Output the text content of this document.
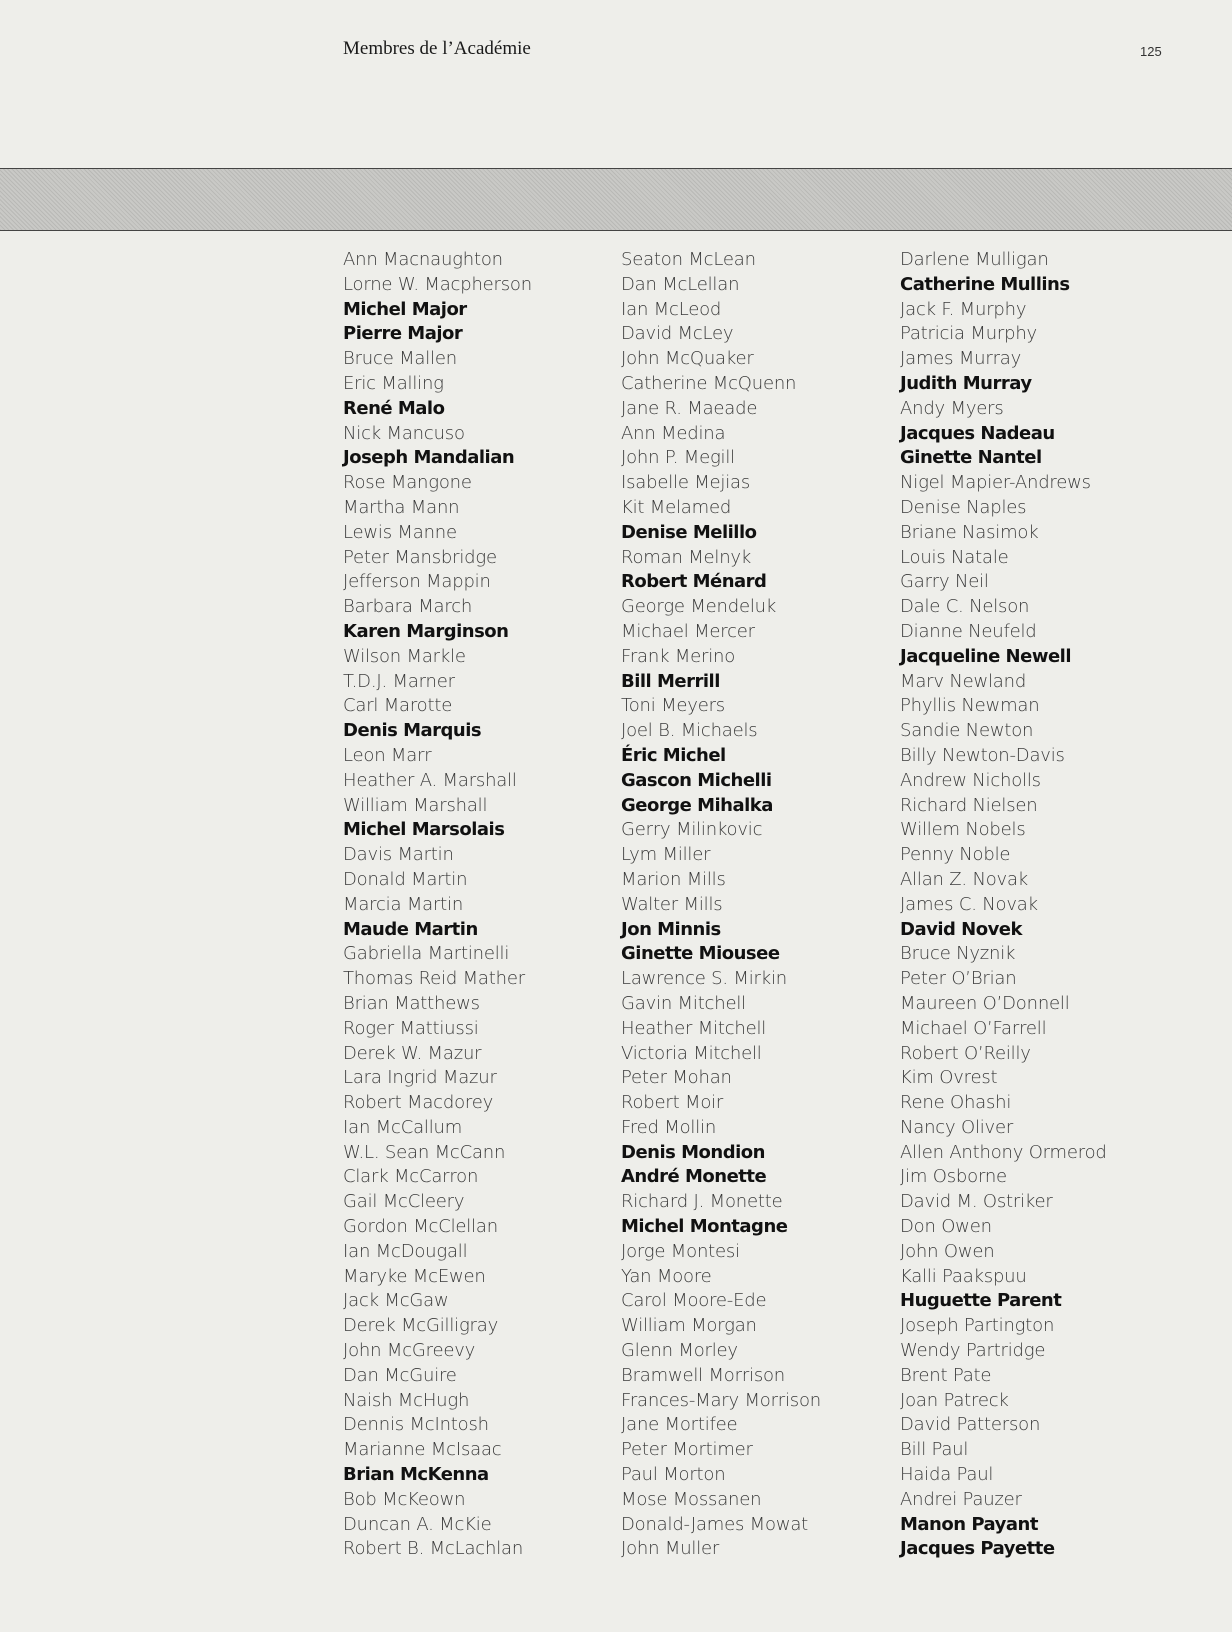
Membres de l’Académie	125
Ann Macnaughton
Lorne W. Macpherson
Michel Major
Pierre Major
Bruce Mallen
Eric Malling
René Malo
Nick Mancuso
Joseph Mandalian
Rose Mangone
Martha Mann
Lewis Manne
Peter Mansbridge
Jefferson Mappin
Barbara March
Karen Marginson
Wilson Markle
T.D.J. Marner
Carl Marotte
Denis Marquis
Leon Marr
Heather A. Marshall
William Marshall
Michel Marsolais
Davis Martin
Donald Martin
Marcia Martin
Maude Martin
Gabriella Martinelli
Thomas Reid Mather
Brian Matthews
Roger Mattiussi
Derek W. Mazur
Lara Ingrid Mazur
Robert Macdorey
Ian McCallum
W.L. Sean McCann
Clark McCarron
Gail McCleery
Gordon McClellan
Ian McDougall
Maryke McEwen
Jack McGaw
Derek McGilligray
John McGreevy
Dan McGuire
Naish McHugh
Dennis McIntosh
Marianne McIsaac
Brian McKenna
Bob McKeown
Duncan A. McKie
Robert B. McLachlan
Seaton McLean
Dan McLellan
Ian McLeod
David McLey
John McQuaker
Catherine McQuenn
Jane R. Maeade
Ann Medina
John P. Megill
Isabelle Mejias
Kit Melamed
Denise Melillo
Roman Melnyk
Robert Ménard
George Mendeluk
Michael Mercer
Frank Merino
Bill Merrill
Toni Meyers
Joel B. Michaels
Éric Michel
Gascon Michelli
George Mihalka
Gerry Milinkovic
Lym Miller
Marion Mills
Walter Mills
Jon Minnis
Ginette Miousee
Lawrence S. Mirkin
Gavin Mitchell
Heather Mitchell
Victoria Mitchell
Peter Mohan
Robert Moir
Fred Mollin
Denis Mondion
André Monette
Richard J. Monette
Michel Montagne
Jorge Montesi
Yan Moore
Carol Moore-Ede
William Morgan
Glenn Morley
Bramwell Morrison
Frances-Mary Morrison
Jane Mortifee
Peter Mortimer
Paul Morton
Mose Mossanen
Donald-James Mowat
John Muller
Darlene Mulligan
Catherine Mullins
Jack F. Murphy
Patricia Murphy
James Murray
Judith Murray
Andy Myers
Jacques Nadeau
Ginette Nantel
Nigel Mapier-Andrews
Denise Naples
Briane Nasimok
Louis Natale
Garry Neil
Dale C. Nelson
Dianne Neufeld
Jacqueline Newell
Marv Newland
Phyllis Newman
Sandie Newton
Billy Newton-Davis
Andrew Nicholls
Richard Nielsen
Willem Nobels
Penny Noble
Allan Z. Novak
James C. Novak
David Novek
Bruce Nyznik
Peter O’Brian
Maureen O’Donnell
Michael O’Farrell
Robert O’Reilly
Kim Ovrest
Rene Ohashi
Nancy Oliver
Allen Anthony Ormerod
Jim Osborne
David M. Ostriker
Don Owen
John Owen
Kalli Paakspuu
Huguette Parent
Joseph Partington
Wendy Partridge
Brent Pate
Joan Patreck
David Patterson
Bill Paul
Haida Paul
Andrei Pauzer
Manon Payant
Jacques Payette
